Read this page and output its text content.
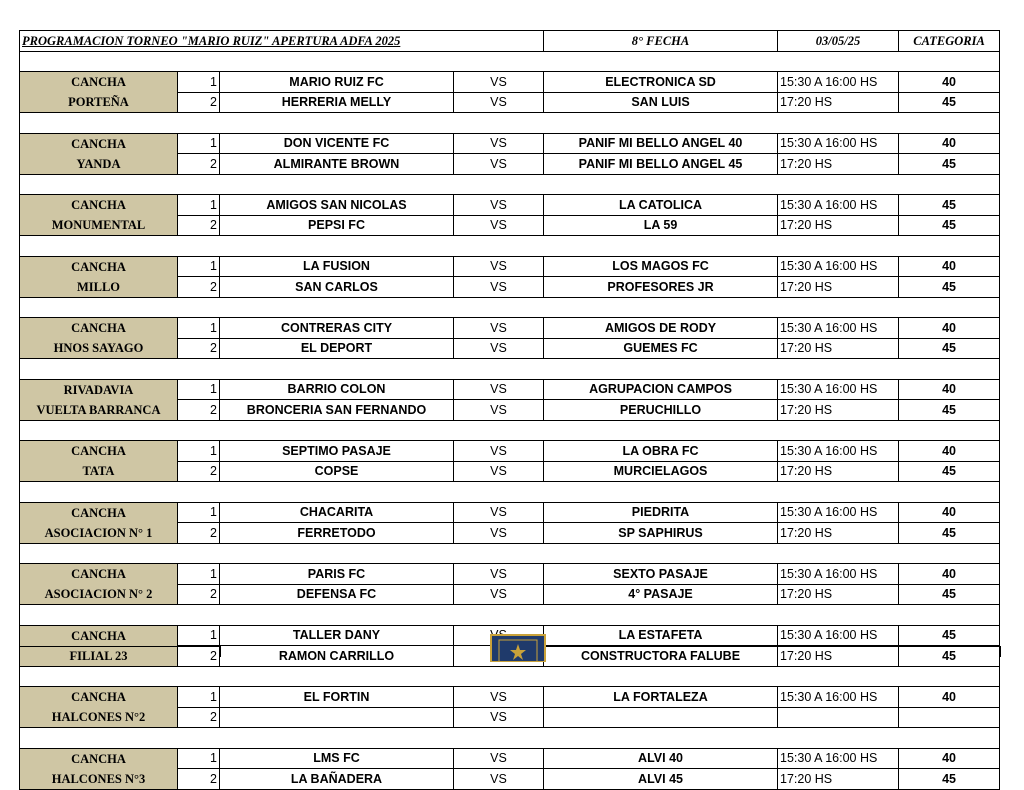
PROGRAMACION TORNEO "MARIO RUIZ" APERTURA ADFA 2025				8° FECHA	03/05/25	CATEGORIA

CANCHA	1	MARIO RUIZ FC	VS	ELECTRONICA SD	15:30 A 16:00 HS	40
PORTEÑA	2	HERRERIA MELLY	VS	SAN LUIS	17:20 HS	45

CANCHA	1	DON VICENTE FC	VS	PANIF MI BELLO ANGEL 40	15:30 A 16:00 HS	40
YANDA	2	ALMIRANTE BROWN	VS	PANIF MI BELLO ANGEL 45	17:20 HS	45

CANCHA	1	AMIGOS SAN NICOLAS	VS	LA CATOLICA	15:30 A 16:00 HS	45
MONUMENTAL	2	PEPSI FC	VS	LA 59	17:20 HS	45

CANCHA	1	LA FUSION	VS	LOS MAGOS FC	15:30 A 16:00 HS	40
MILLO	2	SAN CARLOS	VS	PROFESORES JR	17:20 HS	45

CANCHA	1	CONTRERAS CITY	VS	AMIGOS DE RODY	15:30 A 16:00 HS	40
HNOS SAYAGO	2	EL DEPORT	VS	GUEMES FC	17:20 HS	45

RIVADAVIA	1	BARRIO COLON	VS	AGRUPACION CAMPOS	15:30 A 16:00 HS	40
VUELTA BARRANCA	2	BRONCERIA SAN FERNANDO	VS	PERUCHILLO	17:20 HS	45

CANCHA	1	SEPTIMO PASAJE	VS	LA OBRA FC	15:30 A 16:00 HS	40
TATA	2	COPSE	VS	MURCIELAGOS	17:20 HS	45

CANCHA	1	CHACARITA	VS	PIEDRITA	15:30 A 16:00 HS	40
ASOCIACION N° 1	2	FERRETODO	VS	SP SAPHIRUS	17:20 HS	45

CANCHA	1	PARIS FC	VS	SEXTO PASAJE	15:30 A 16:00 HS	40
ASOCIACION N° 2	2	DEFENSA FC	VS	4° PASAJE	17:20 HS	45

CANCHA	1	TALLER DANY		LA ESTAFETA	15:30 A 16:00 HS	45
FILIAL 23	2	RAMON CARRILLO		CONSTRUCTORA FALUBE	17:20 HS	45

CANCHA	1	EL FORTIN	VS	LA FORTALEZA	15:30 A 16:00 HS	40
HALCONES N°2	2		VS			

CANCHA	1	LMS FC	VS	ALVI 40	15:30 A 16:00 HS	40
HALCONES N°3	2	LA BAÑADERA	VS	ALVI 45	17:20 HS	45
